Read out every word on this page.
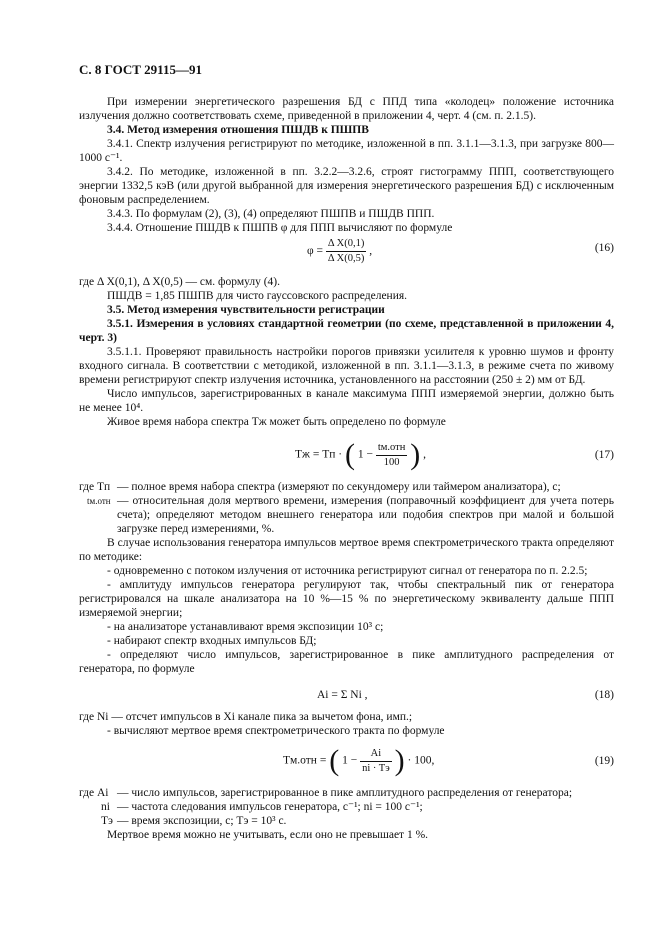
С. 8 ГОСТ 29115—91

При измерении энергетического разрешения БД с ППД типа «колодец» положение источника излучения должно соответствовать схеме, приведенной в приложении 4, черт. 4 (см. п. 2.1.5).

3.4. Метод измерения отношения ПШДВ к ПШПВ

3.4.1. Спектр излучения регистрируют по методике, изложенной в пп. 3.1.1—3.1.3, при загрузке 800—1000 с⁻¹.

3.4.2. По методике, изложенной в пп. 3.2.2—3.2.6, строят гистограмму ППП, соответствующего энергии 1332,5 кэВ (или другой выбранной для измерения энергетического разрешения БД) с исключенным фоновым распределением.

3.4.3. По формулам (2), (3), (4) определяют ПШПВ и ПШДВ ППП.

3.4.4. Отношение ПШДВ к ПШПВ φ для ППП вычисляют по формуле

$\varphi = \frac{\text{Δ X(0,1)}}{\text{Δ X(0,5)}}$ ,	(16)

где Δ X(0,1), Δ X(0,5) — см. формулу (4).

ПШДВ = 1,85 ПШПВ для чисто гауссовского распределения.

3.5. Метод измерения чувствительности регистрации

3.5.1. Измерения в условиях стандартной геометрии (по схеме, представленной в приложении 4, черт. 3)

3.5.1.1. Проверяют правильность настройки порогов привязки усилителя к уровню шумов и фронту входного сигнала. В соответствии с методикой, изложенной в пп. 3.1.1—3.1.3, в режиме счета по живому времени регистрируют спектр излучения источника, установленного на расстоянии (250 ± 2) мм от БД.

Число импульсов, зарегистрированных в канале максимума ППП измеряемой энергии, должно быть не менее 10⁴.

Живое время набора спектра Tж может быть определено по формуле

Tж = Tп · ( $1 - \frac{\text{tм.отн}}{100}$ ) ,	(17)
где Tп — полное время набора спектра (измеряют по секундомеру или таймером анализатора), с;

tм.отн — относительная доля мертвого времени, измерения (поправочный коэффициент для учета потерь счета); определяют методом внешнего генератора или подобия спектров при малой и большой загрузке перед измерениями, %.

В случае использования генератора импульсов мертвое время спектрометрического тракта определяют по методике:

- одновременно с потоком излучения от источника регистрируют сигнал от генератора по п. 2.2.5;

- амплитуду импульсов генератора регулируют так, чтобы спектральный пик от генератора регистрировался на шкале анализатора на 10 %—15 % по энергетическому эквиваленту дальше ППП измеряемой энергии;

- на анализаторе устанавливают время экспозиции 10³ с;

- набирают спектр входных импульсов БД;

- определяют число импульсов, зарегистрированное в пике амплитудного распределения от генератора, по формуле

Ai = Σ Ni ,	(18)

где Ni — отсчет импульсов в Xi канале пика за вычетом фона, имп.;

- вычисляют мертвое время спектрометрического тракта по формуле

Tм.отн = ( $1 - \frac{Ai}{ni \cdot Tэ}$ ) · 100,	(19)
где Ai — число импульсов, зарегистрированное в пике амплитудного распределения от генератора;

ni — частота следования импульсов генератора, с⁻¹; ni = 100 с⁻¹;

Tэ — время экспозиции, с; Tэ = 10³ с.

Мертвое время можно не учитывать, если оно не превышает 1 %.
